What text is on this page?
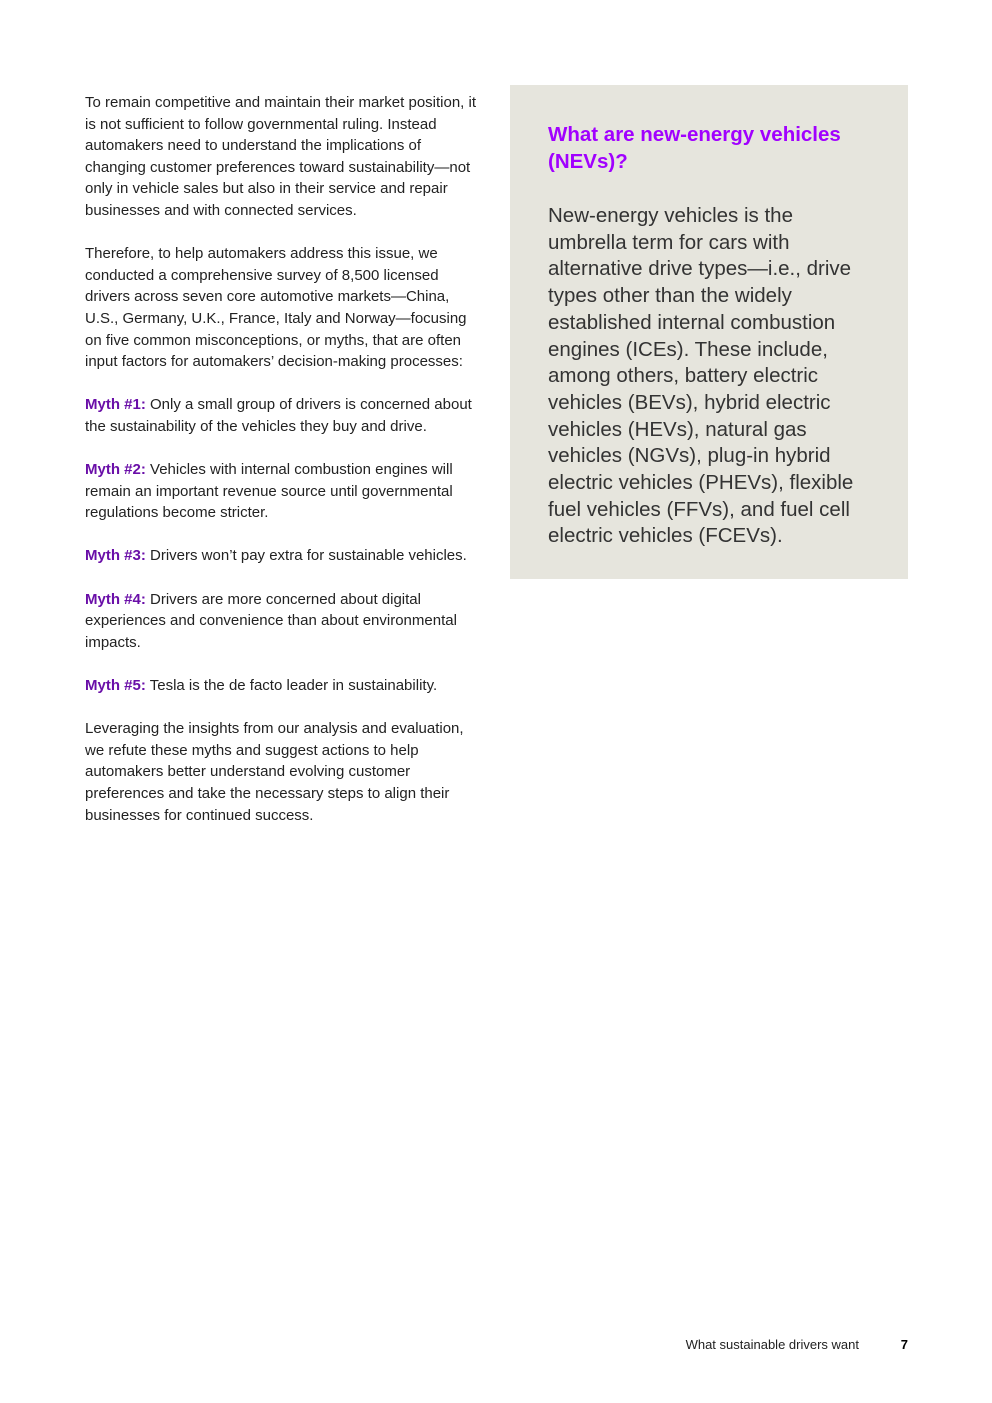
To remain competitive and maintain their market position, it is not sufficient to follow governmental ruling. Instead automakers need to understand the implications of changing customer preferences toward sustainability—not only in vehicle sales but also in their service and repair businesses and with connected services.

Therefore, to help automakers address this issue, we conducted a comprehensive survey of 8,500 licensed drivers across seven core automotive markets—China, U.S., Germany, U.K., France, Italy and Norway—focusing on five common misconceptions, or myths, that are often input factors for automakers’ decision-making processes:

Myth #1: Only a small group of drivers is concerned about the sustainability of the vehicles they buy and drive.

Myth #2: Vehicles with internal combustion engines will remain an important revenue source until governmental regulations become stricter.

Myth #3: Drivers won’t pay extra for sustainable vehicles.

Myth #4: Drivers are more concerned about digital experiences and convenience than about environmental impacts.

Myth #5: Tesla is the de facto leader in sustainability.

Leveraging the insights from our analysis and evaluation, we refute these myths and suggest actions to help automakers better understand evolving customer preferences and take the necessary steps to align their businesses for continued success.

What are new-energy vehicles (NEVs)?

New-energy vehicles is the umbrella term for cars with alternative drive types—i.e., drive types other than the widely established internal combustion engines (ICEs). These include, among others, battery electric vehicles (BEVs), hybrid electric vehicles (HEVs), natural gas vehicles (NGVs), plug-in hybrid electric vehicles (PHEVs), flexible fuel vehicles (FFVs), and fuel cell electric vehicles (FCEVs).

What sustainable drivers want	7
